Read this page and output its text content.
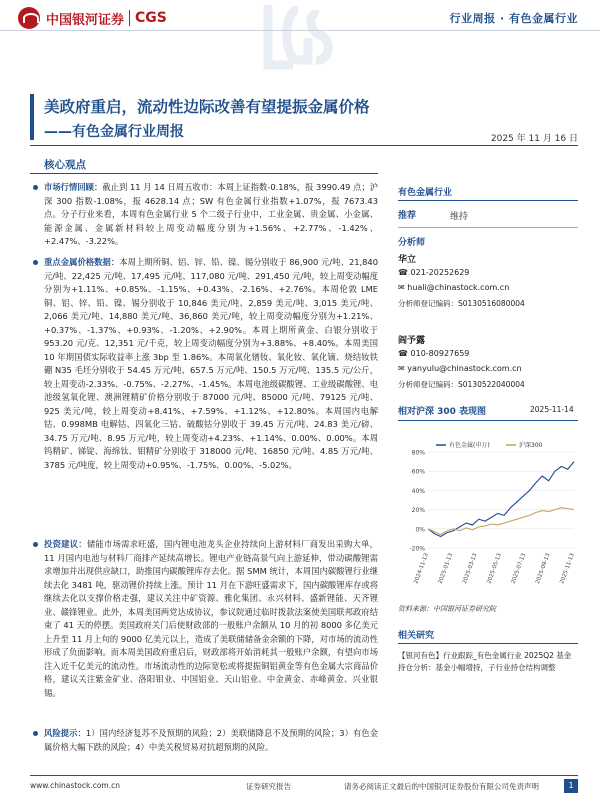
中国银河证券 CGS	行业周报 · 有色金属行业
美政府重启，流动性边际改善有望提振金属价格
——有色金属行业周报	2025 年 11 月 16 日
核心观点
市场行情回顾：截止到 11 月 14 日周五收市：本周上证指数-0.18%，报 3990.49 点；沪深 300 指数-1.08%，报 4628.14 点；SW 有色金属行业指数+1.07%，报 7673.43 点。分子行业来看，本周有色金属行业 5 个二级子行业中，工业金属、贵金属、小金属、能源金属、金属新材料较上周变动幅度分别为+1.56%、+2.77%、-1.42%、+2.47%、-3.22%。
重点金属价格数据：本周上期所铜、铝、锌、铅、镍、锡分别收于 86,900 元/吨、21,840 元/吨、22,425 元/吨、17,495 元/吨、117,080 元/吨、291,450 元/吨，较上周变动幅度分别为+1.11%、+0.85%、-1.15%、+0.43%、-2.16%、+2.76%。本周伦敦 LME 铜、铝、锌、铅、镍、锡分别收于 10,846 美元/吨、2,859 美元/吨、3,015 美元/吨、2,066 美元/吨、14,880 美元/吨、36,860 美元/吨，较上周变动幅度分别为+1.21%、+0.37%、-1.37%、+0.93%、-1.20%、+2.90%。本周上期所黄金、白银分别收于 953.20 元/克、12,351 元/千克，较上周变动幅度分别为+3.88%、+8.40%。本周美国 10 年期国债实际收益率上涨 3bp 至 1.86%。本周氧化镨钕、氧化钕、氧化镝、烧结钕铁硼 N35 毛坯分别收于 54.45 万元/吨、657.5 万元/吨、150.5 万元/吨、135.5 元/公斤，较上周变动-2.33%、-0.75%、-2.27%、-1.45%。本周电池级碳酸锂、工业级碳酸锂、电池级氢氧化锂、澳洲锂精矿价格分别收于 87000 元/吨、85000 元/吨、79125 元/吨、925 美元/吨，较上周变动+8.41%、+7.59%、+1.12%、+12.80%。本周国内电解钴、0.998MB 电解钴、四氧化三钴、硫酸钴分别收于 39.45 万元/吨、24.83 美元/磅、34.75 万元/吨、8.95 万元/吨，较上周变动+4.23%、+1.14%、0.00%、0.00%。本周钨精矿、锑锭、海绵钛、钼精矿分别收于 318000 元/吨、16850 元/吨、4.85 万元/吨、3785 元/吨度，较上周变动+0.95%、-1.75%、0.00%、-5.02%。
投资建议：储能市场需求旺盛，国内锂电池龙头企业持续向上游材料厂商发出采购大单，11 月国内电池与材料厂商排产延续高增长。锂电产业链高景气向上游延伸，带动碳酸锂需求增加并出现供应缺口，助推国内碳酸锂库存去化。据 SMM 统计，本周国内碳酸锂行业继续去化 3481 吨，驱动锂价持续上涨。预计 11 月在下游旺盛需求下，国内碳酸锂库存或将继续去化以支撑价格走强，建议关注中矿资源、雅化集团、永兴材料、盛新锂能、天齐锂业、赣锋锂业。此外，本周美国两党达成协议，参议院通过临时拨款法案使美国联邦政府结束了 41 天的停摆。美国政府关门后使财政部的一般账户余额从 10 月的初 8000 多亿美元上升至 11 月上旬的 9000 亿美元以上，造成了美联储储备金余额的下降，对市场的流动性形成了负面影响。而本周美国政府重启后，财政部将开始消耗其一般账户余额，有望向市场注入近千亿美元的流动性。市场流动性的边际宽松或将提振铜铝黄金等有色金属大宗商品价格，建议关注紫金矿业、洛阳钼业、中国铝业、天山铝业、中金黄金、赤峰黄金、兴业银锡。
风险提示：1）国内经济复苏不及预期的风险；2）美联储降息不及预期的风险；3）有色金属价格大幅下跌的风险；4）中美关税贸易对抗超预期的风险。
有色金属行业
推荐	维持
分析师
华立
☎ 021-20252629
✉ huali@chinastock.com.cn
分析师登记编码：S0130516080004
阎予露
☎ 010-80927659
✉ yanyulu@chinastock.com.cn
分析师登记编码：S0130522040004
相对沪深 300 表现图	2025-11-14
80%
60%
40%
20%
0%
-20%
2024-11-13 2025-01-13 2025-03-13 2025-05-13 2025-07-13 2025-09-13 2025-11-13
有色金属(申万)	沪深300
资料来源：中国银河证券研究院
相关研究
【银河有色】行业跟踪_有色金属行业 2025Q2 基金持仓分析：基金小幅增持，子行业持仓结构调整
www.chinastock.com.cn	证券研究报告	请务必阅读正文最后的中国银河证券股份有限公司免责声明	1
